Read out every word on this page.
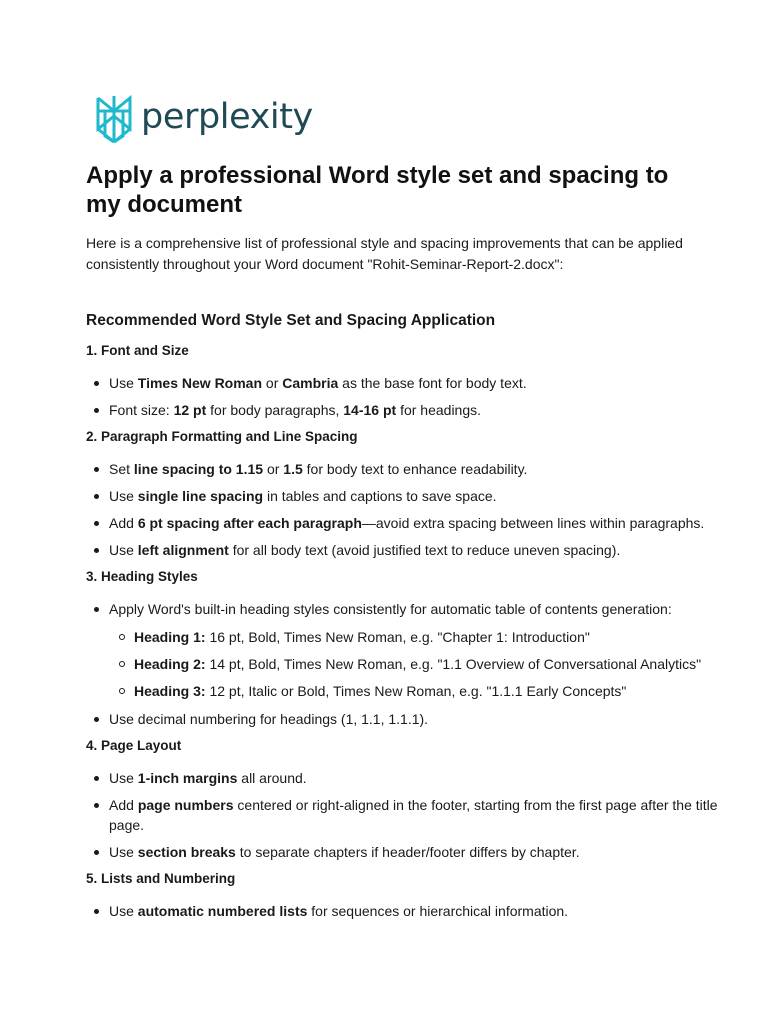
perplexity
Apply a professional Word style set and spacing to my document

Here is a comprehensive list of professional style and spacing improvements that can be applied consistently throughout your Word document "Rohit-Seminar-Report-2.docx":

Recommended Word Style Set and Spacing Application
1. Font and Size
Use Times New Roman or Cambria as the base font for body text.
Font size: 12 pt for body paragraphs, 14-16 pt for headings.
2. Paragraph Formatting and Line Spacing
Set line spacing to 1.15 or 1.5 for body text to enhance readability.
Use single line spacing in tables and captions to save space.
Add 6 pt spacing after each paragraph—avoid extra spacing between lines within paragraphs.
Use left alignment for all body text (avoid justified text to reduce uneven spacing).
3. Heading Styles
Apply Word's built-in heading styles consistently for automatic table of contents generation:
Heading 1: 16 pt, Bold, Times New Roman, e.g. "Chapter 1: Introduction"
Heading 2: 14 pt, Bold, Times New Roman, e.g. "1.1 Overview of Conversational Analytics"
Heading 3: 12 pt, Italic or Bold, Times New Roman, e.g. "1.1.1 Early Concepts"
Use decimal numbering for headings (1, 1.1, 1.1.1).
4. Page Layout
Use 1-inch margins all around.
Add page numbers centered or right-aligned in the footer, starting from the first page after the title page.
Use section breaks to separate chapters if header/footer differs by chapter.
5. Lists and Numbering
Use automatic numbered lists for sequences or hierarchical information.
